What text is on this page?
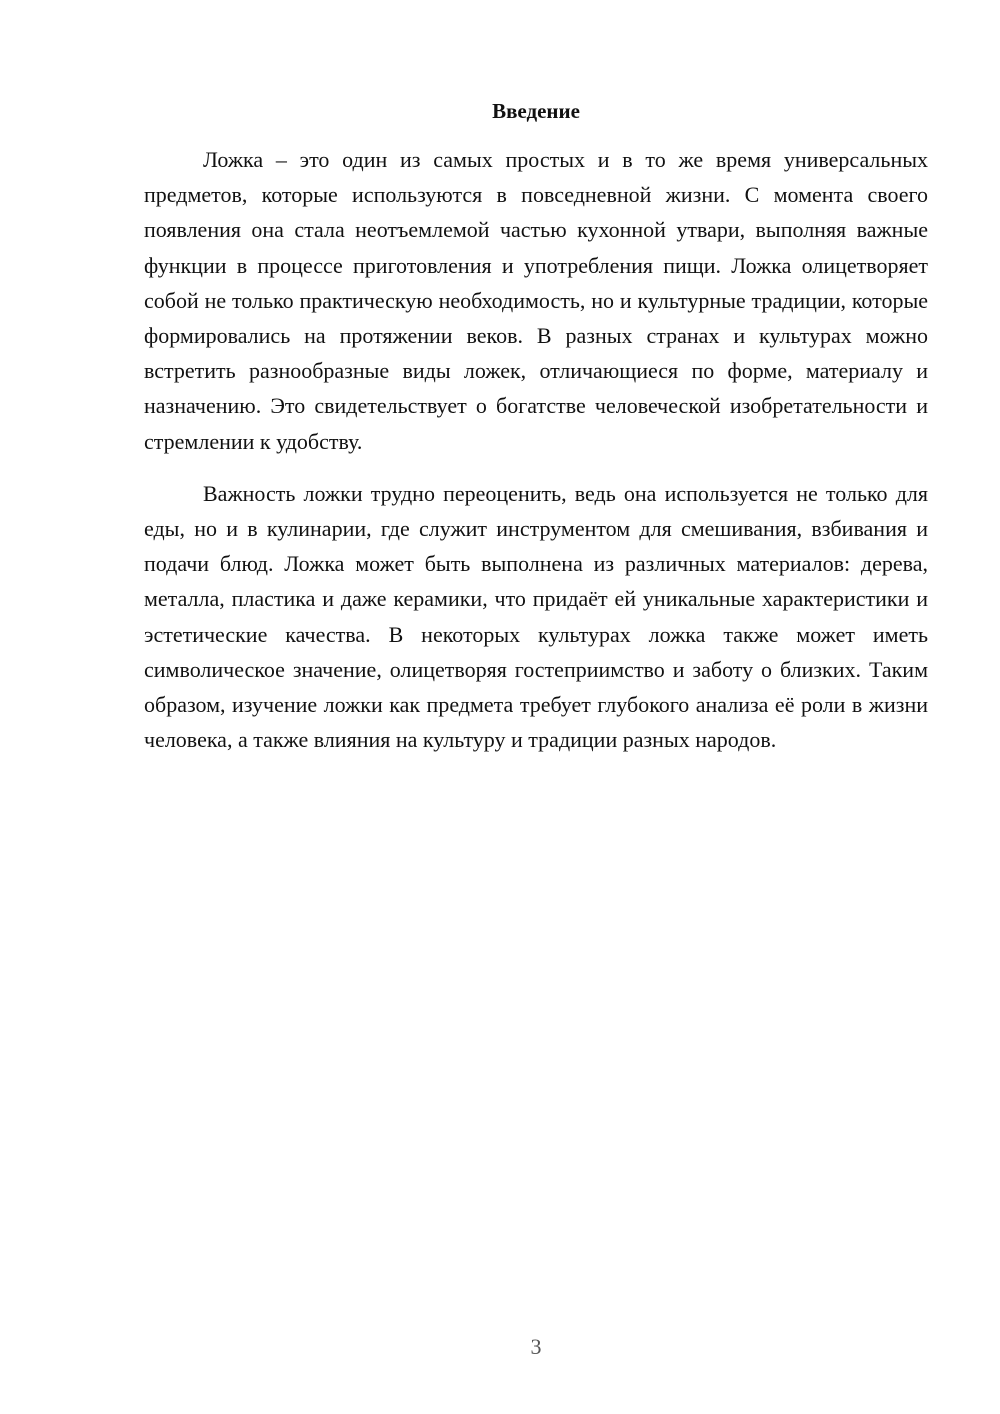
Введение

Ложка – это один из самых простых и в то же время универсальных предметов, которые используются в повседневной жизни. С момента своего появления она стала неотъемлемой частью кухонной утвари, выполняя важные функции в процессе приготовления и употребления пищи. Ложка олицетворяет собой не только практическую необходимость, но и культурные традиции, которые формировались на протяжении веков. В разных странах и культурах можно встретить разнообразные виды ложек, отличающиеся по форме, материалу и назначению. Это свидетельствует о богатстве человеческой изобретательности и стремлении к удобству.

Важность ложки трудно переоценить, ведь она используется не только для еды, но и в кулинарии, где служит инструментом для смешивания, взбивания и подачи блюд. Ложка может быть выполнена из различных материалов: дерева, металла, пластика и даже керамики, что придаёт ей уникальные характеристики и эстетические качества. В некоторых культурах ложка также может иметь символическое значение, олицетворяя гостеприимство и заботу о близких. Таким образом, изучение ложки как предмета требует глубокого анализа её роли в жизни человека, а также влияния на культуру и традиции разных народов.

3
